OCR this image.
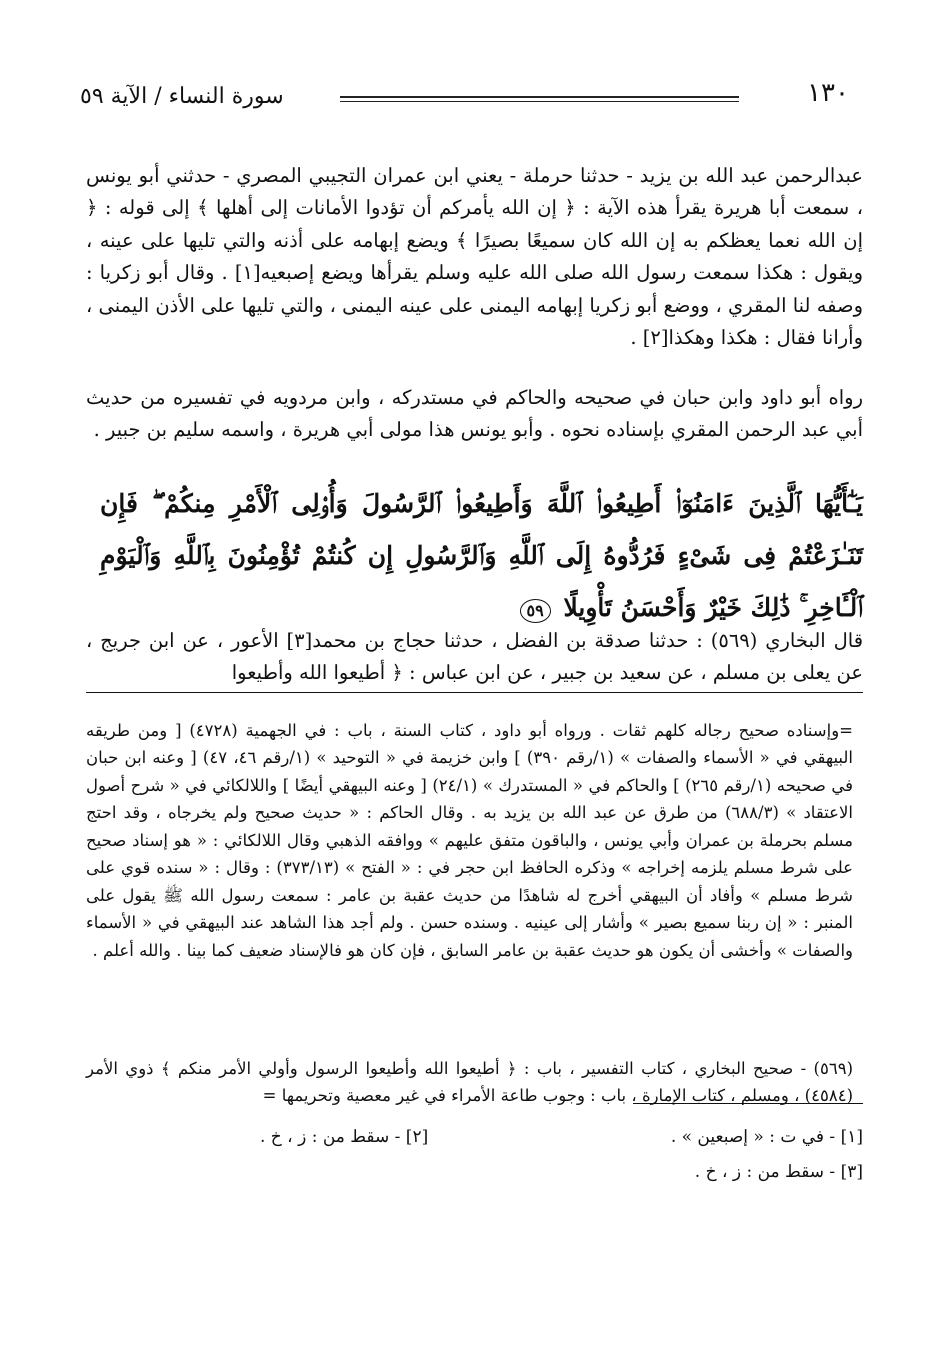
١٣٠
سورة النساء / الآية ٥٩

عبدالرحمن عبد الله بن يزيد - حدثنا حرملة - يعني ابن عمران التجيبي المصري - حدثني أبو يونس ، سمعت أبا هريرة يقرأ هذه الآية : ﴿ إن الله يأمركم أن تؤدوا الأمانات إلى أهلها ﴾ إلى قوله : ﴿ إن الله نعما يعظكم به إن الله كان سميعًا بصيرًا ﴾ ويضع إبهامه على أذنه والتي تليها على عينه ، ويقول : هكذا سمعت رسول الله صلى الله عليه وسلم يقرأها ويضع إصبعيه[١] . وقال أبو زكريا : وصفه لنا المقري ، ووضع أبو زكريا إبهامه اليمنى على عينه اليمنى ، والتي تليها على الأذن اليمنى ، وأرانا فقال : هكذا وهكذا[٢] .

رواه أبو داود وابن حبان في صحيحه والحاكم في مستدركه ، وابن مردويه في تفسيره من حديث أبي عبد الرحمن المقري بإسناده نحوه . وأبو يونس هذا مولى أبي هريرة ، واسمه سليم بن جبير .

يَـٰٓأَيُّهَا ٱلَّذِينَ ءَامَنُوٓا۟ أَطِيعُوا۟ ٱللَّهَ وَأَطِيعُوا۟ ٱلرَّسُولَ وَأُو۟لِى ٱلْأَمْرِ مِنكُمْ ۖ فَإِن تَنَـٰزَعْتُمْ فِى شَىْءٍ فَرُدُّوهُ إِلَى ٱللَّهِ وَٱلرَّسُولِ إِن كُنتُمْ تُؤْمِنُونَ بِٱللَّهِ وَٱلْيَوْمِ ٱلْـَٔاخِرِ ۚ ذَٰلِكَ خَيْرٌ وَأَحْسَنُ تَأْوِيلًا ٥٩

قال البخاري (٥٦٩) : حدثنا صدقة بن الفضل ، حدثنا حجاج بن محمد[٣] الأعور ، عن ابن جريج ، عن يعلى بن مسلم ، عن سعيد بن جبير ، عن ابن عباس : ﴿ أطيعوا الله وأطيعوا

=وإسناده صحيح رجاله كلهم ثقات . ورواه أبو داود ، كتاب السنة ، باب : في الجهمية (٤٧٢٨) [ ومن طريقه البيهقي في « الأسماء والصفات » (١/رقم ٣٩٠) ] وابن خزيمة في « التوحيد » (١/رقم ٤٦، ٤٧) [ وعنه ابن حبان في صحيحه (١/رقم ٢٦٥) ] والحاكم في « المستدرك » (٢٤/١) [ وعنه البيهقي أيضًا ] واللالكائي في « شرح أصول الاعتقاد » (٦٨٨/٣) من طرق عن عبد الله بن يزيد به . وقال الحاكم : « حديث صحيح ولم يخرجاه ، وقد احتج مسلم بحرملة بن عمران وأبي يونس ، والباقون متفق عليهم » ووافقه الذهبي وقال اللالكائي : « هو إسناد صحيح على شرط مسلم يلزمه إخراجه » وذكره الحافظ ابن حجر في : « الفتح » (٣٧٣/١٣) : وقال : « سنده قوي على شرط مسلم » وأفاد أن البيهقي أخرج له شاهدًا من حديث عقبة بن عامر : سمعت رسول الله ﷺ يقول على المنبر : « إن ربنا سميع بصير » وأشار إلى عينيه . وسنده حسن . ولم أجد هذا الشاهد عند البيهقي في « الأسماء والصفات » وأخشى أن يكون هو حديث عقبة بن عامر السابق ، فإن كان هو فالإسناد ضعيف كما بينا . والله أعلم .

(٥٦٩) - صحيح البخاري ، كتاب التفسير ، باب : ﴿ أطيعوا الله وأطيعوا الرسول وأولي الأمر منكم ﴾ ذوي الأمر (٤٥٨٤) ، ومسلم ، كتاب الإمارة ، باب : وجوب طاعة الأمراء في غير معصية وتحريمها =

[١] - في ت : « إصبعين » .
[٢] - سقط من : ز ، خ .
[٣] - سقط من : ز ، خ .
